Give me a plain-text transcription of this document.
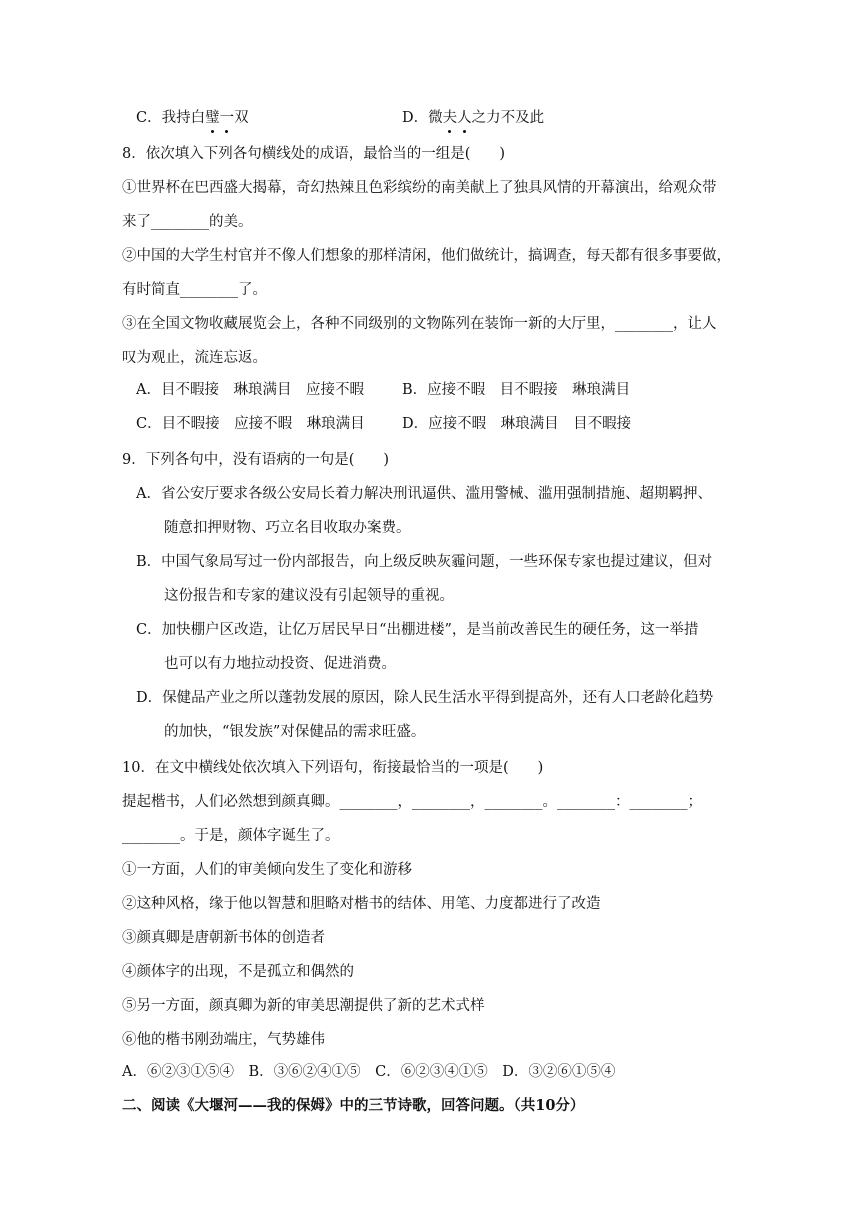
C．我持白璧一双	D．微夫人之力不及此
8．依次填入下列各句横线处的成语，最恰当的一组是(　　)
①世界杯在巴西盛大揭幕，奇幻热辣且色彩缤纷的南美献上了独具风情的开幕演出，给观众带
来了________的美。
②中国的大学生村官并不像人们想象的那样清闲，他们做统计，搞调查，每天都有很多事要做，
有时简直________了。
③在全国文物收藏展览会上，各种不同级别的文物陈列在装饰一新的大厅里，________，让人
叹为观止，流连忘返。
A．目不暇接　琳琅满目　应接不暇	B．应接不暇　目不暇接　琳琅满目
C．目不暇接　应接不暇　琳琅满目	D．应接不暇　琳琅满目　目不暇接
9．下列各句中，没有语病的一句是(　　)
A．省公安厅要求各级公安局长着力解决刑讯逼供、滥用警械、滥用强制措施、超期羁押、
随意扣押财物、巧立名目收取办案费。
B．中国气象局写过一份内部报告，向上级反映灰霾问题，一些环保专家也提过建议，但对
这份报告和专家的建议没有引起领导的重视。
C．加快棚户区改造，让亿万居民早日“出棚进楼”，是当前改善民生的硬任务，这一举措
也可以有力地拉动投资、促进消费。
D．保健品产业之所以蓬勃发展的原因，除人民生活水平得到提高外，还有人口老龄化趋势
的加快，“银发族”对保健品的需求旺盛。
10．在文中横线处依次填入下列语句，衔接最恰当的一项是(　　)
提起楷书，人们必然想到颜真卿。________，________，________。________：________；
________。于是，颜体字诞生了。
①一方面，人们的审美倾向发生了变化和游移
②这种风格，缘于他以智慧和胆略对楷书的结体、用笔、力度都进行了改造
③颜真卿是唐朝新书体的创造者
④颜体字的出现，不是孤立和偶然的
⑤另一方面，颜真卿为新的审美思潮提供了新的艺术式样
⑥他的楷书刚劲端庄，气势雄伟
A．⑥②③①⑤④　B．③⑥②④①⑤　C．⑥②③④①⑤　D．③②⑥①⑤④
二、阅读《大堰河——我的保姆》中的三节诗歌，回答问题。（共10分）
